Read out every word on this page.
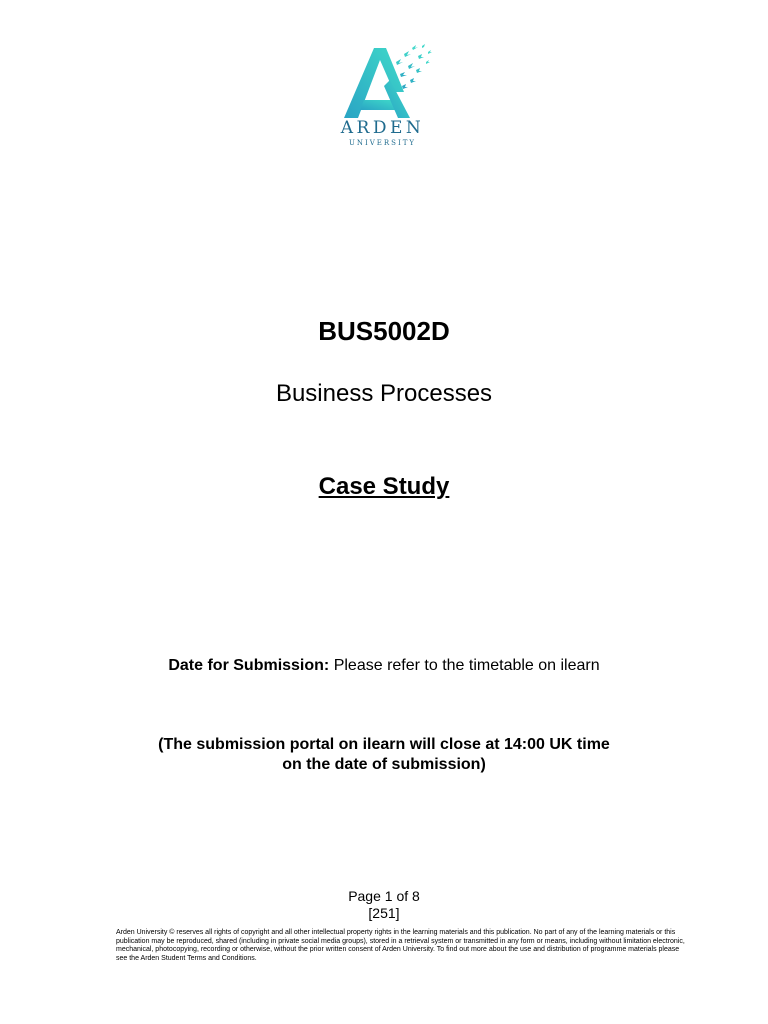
ARDEN
UNIVERSITY
BUS5002D
Business Processes
Case Study
Date for Submission: Please refer to the timetable on ilearn
(The submission portal on ilearn will close at 14:00 UK time
on the date of submission)
Page 1 of 8
[251]
Arden University © reserves all rights of copyright and all other intellectual property rights in the learning materials and this publication. No part of any of the learning materials or this publication may be reproduced, shared (including in private social media groups), stored in a retrieval system or transmitted in any form or means, including without limitation electronic, mechanical, photocopying, recording or otherwise, without the prior written consent of Arden University. To find out more about the use and distribution of programme materials please see the Arden Student Terms and Conditions.
